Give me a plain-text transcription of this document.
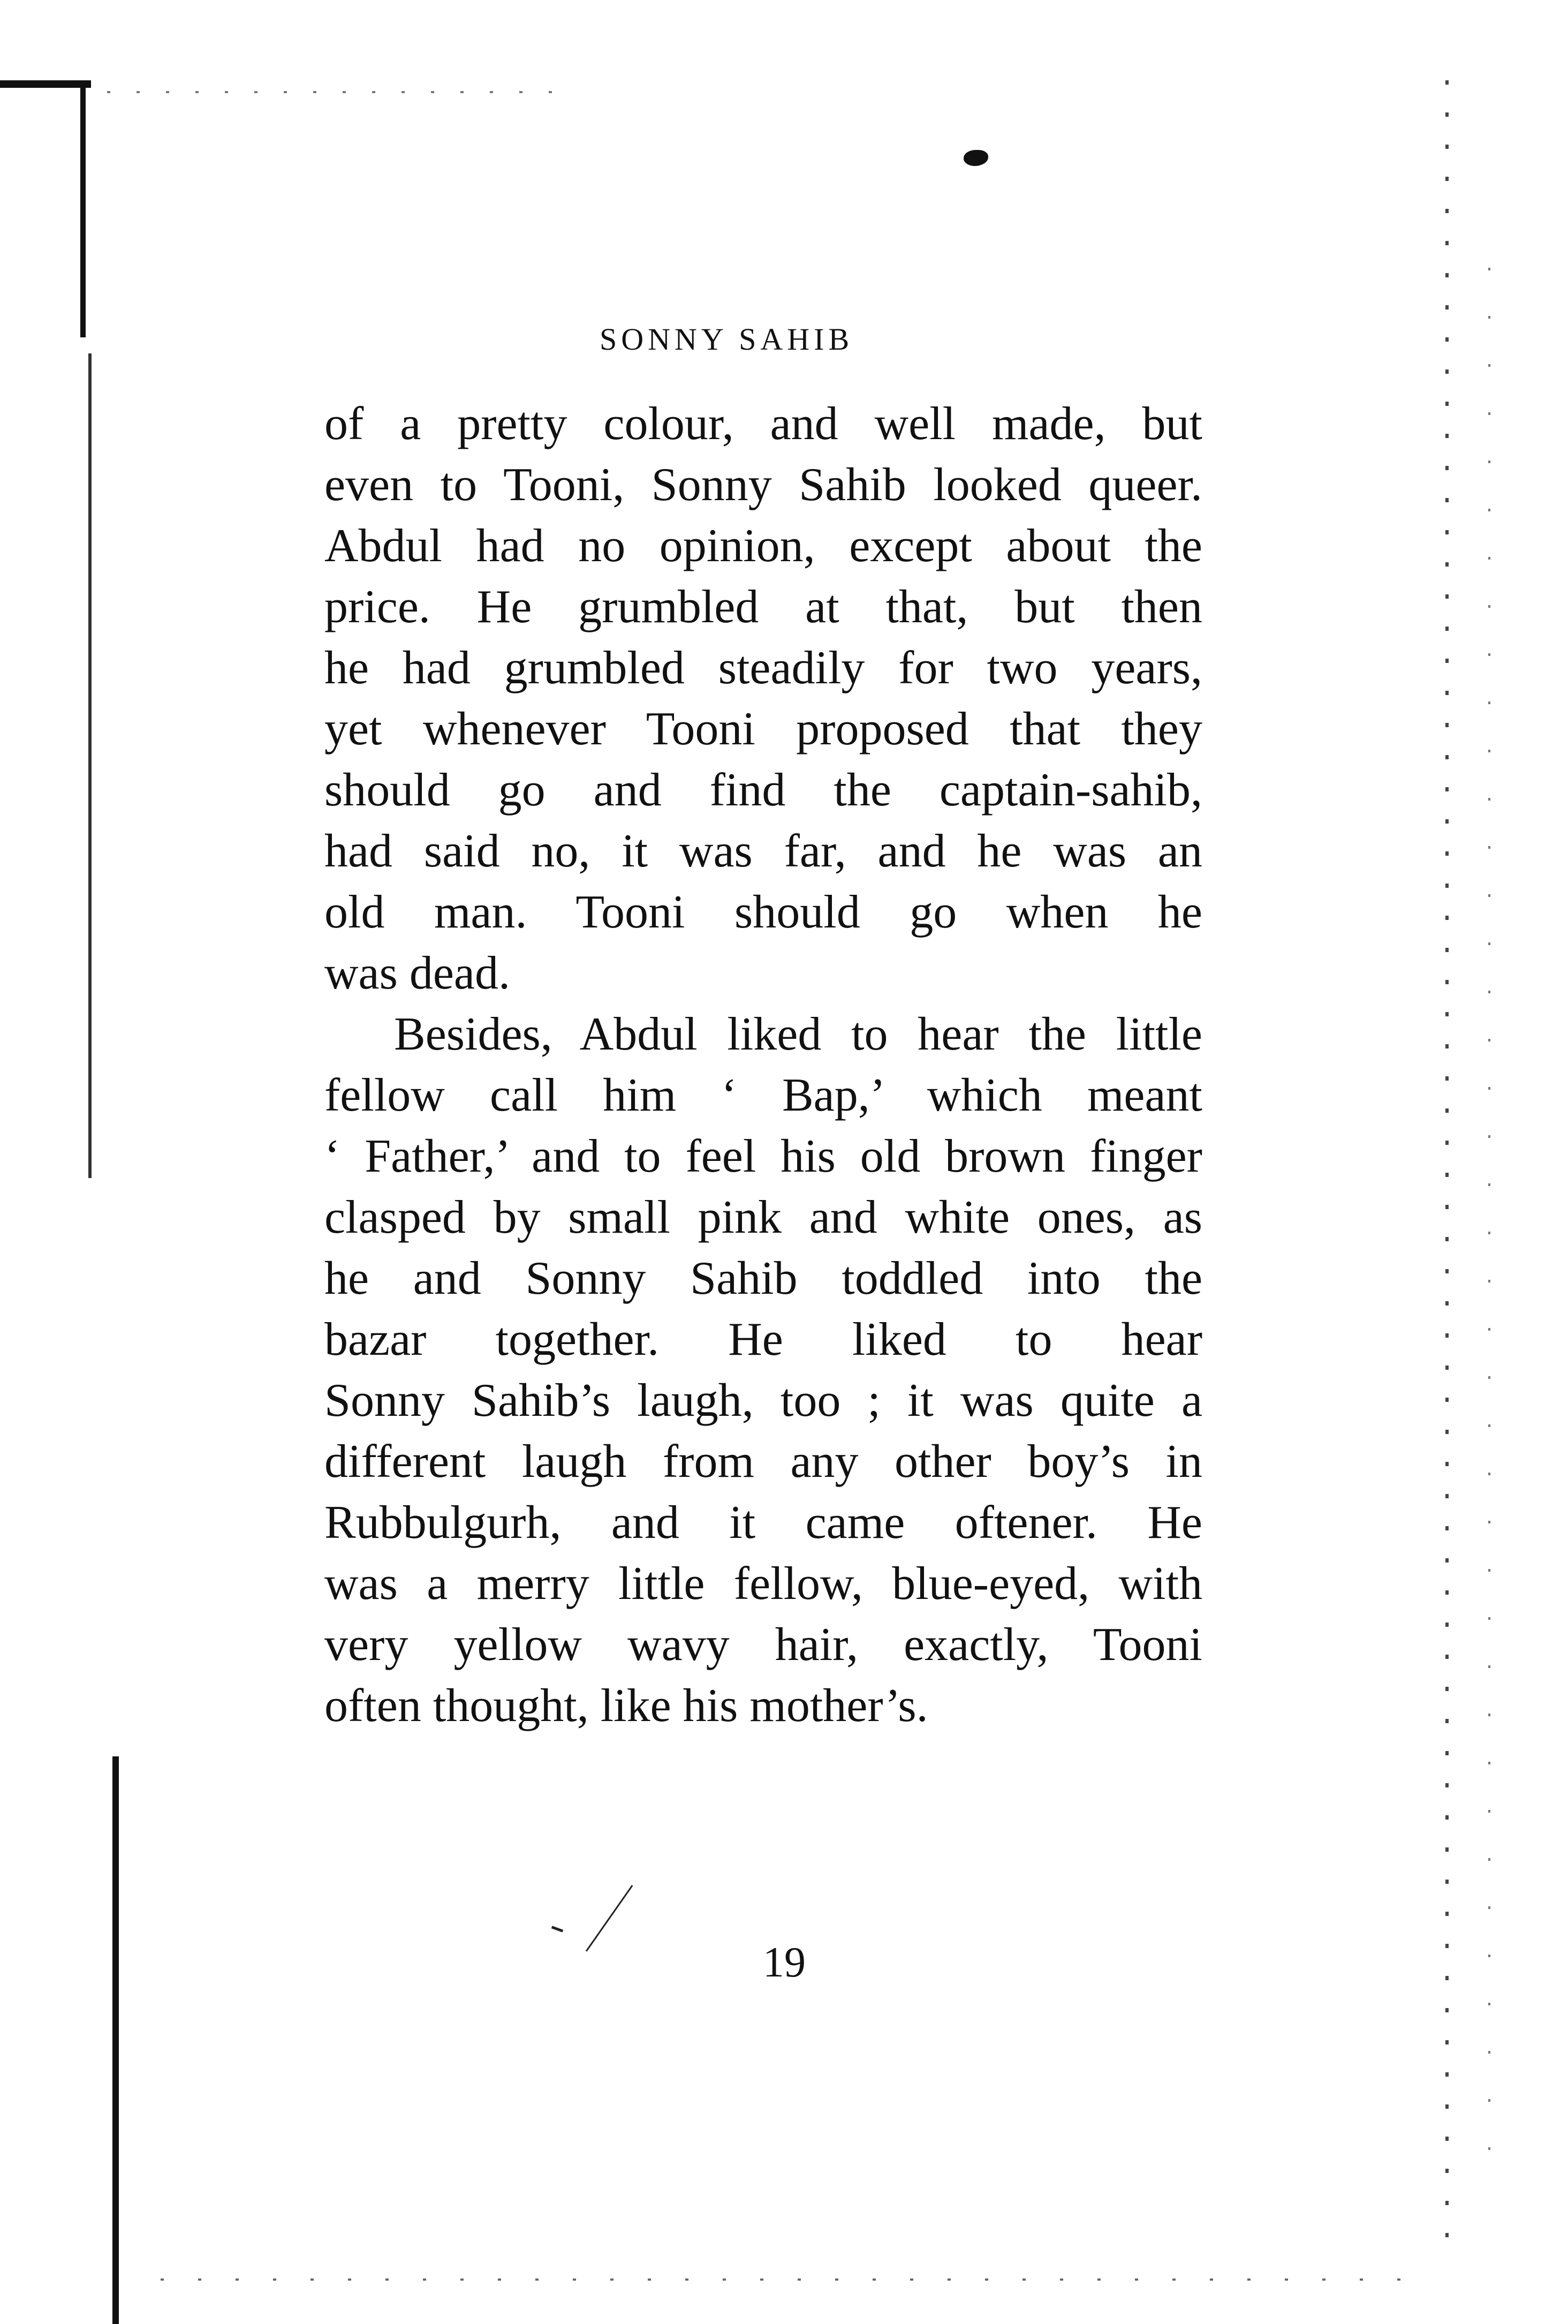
SONNY SAHIB
of a pretty colour, and well made, but
even to Tooni, Sonny Sahib looked queer.
Abdul had no opinion, except about the
price. He grumbled at that, but then
he had grumbled steadily for two years,
yet whenever Tooni proposed that they
should go and find the captain-sahib,
had said no, it was far, and he was an
old man. Tooni should go when he
was dead.
Besides, Abdul liked to hear the little
fellow call him ‘ Bap,’ which meant
‘ Father,’ and to feel his old brown finger
clasped by small pink and white ones, as
he and Sonny Sahib toddled into the
bazar together. He liked to hear
Sonny Sahib’s laugh, too ; it was quite a
different laugh from any other boy’s in
Rubbulgurh, and it came oftener. He
was a merry little fellow, blue-eyed, with
very yellow wavy hair, exactly, Tooni
often thought, like his mother’s.
19
